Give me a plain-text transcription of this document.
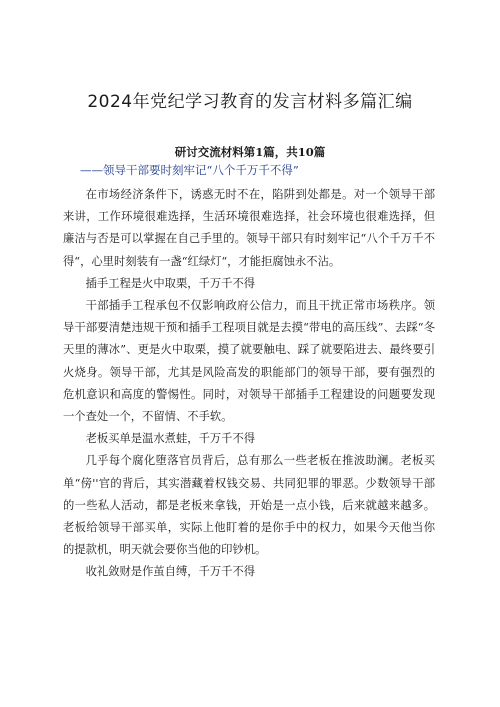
2024年党纪学习教育的发言材料多篇汇编
研讨交流材料第1篇，共10篇
——领导干部要时刻牢记“八个千万千不得”

在市场经济条件下，诱惑无时不在，陷阱到处都是。对一个领导干部来讲，工作环境很难选择，生活环境很难选择，社会环境也很难选择，但廉洁与否是可以掌握在自己手里的。领导干部只有时刻牢记“八个千万千不得“，心里时刻装有一盏“红绿灯“，才能拒腐蚀永不沾。

插手工程是火中取栗，千万千不得

干部插手工程承包不仅影响政府公信力，而且干扰正常市场秩序。领导干部要清楚违规干预和插手工程项目就是去摸“带电的高压线”、去踩“冬天里的薄冰”、更是火中取栗，摸了就要触电、踩了就要陷进去、最终要引火烧身。领导干部，尤其是风险高发的职能部门的领导干部，要有强烈的危机意识和高度的警惕性。同时，对领导干部插手工程建设的问题要发现一个查处一个，不留情、不手软。

老板买单是温水煮蛙，千万千不得

几乎每个腐化堕落官员背后，总有那么一些老板在推波助澜。老板买单“傍''官的背后，其实潜藏着权钱交易、共同犯罪的罪恶。少数领导干部的一些私人活动，都是老板来拿钱，开始是一点小钱，后来就越来越多。老板给领导干部买单，实际上他盯着的是你手中的权力，如果今天他当你的提款机，明天就会要你当他的印钞机。

收礼敛财是作茧自缚，千万千不得
